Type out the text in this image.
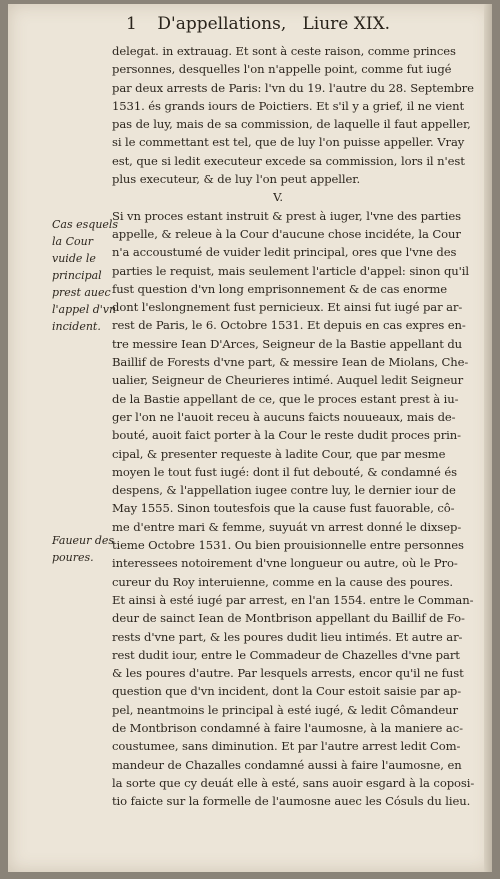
1 D'appellations, Liure XIX.
Cas esquels
la Cour
vuide le
principal
prest auec
l'appel d'vn
incident.
Faueur des
poures.
delegat. in extrauag. Et sont à ceste raison, comme princes
personnes, desquelles l'on n'appelle point, comme fut iugé
par deux arrests de Paris: l'vn du 19. l'autre du 28. Septembre
1531. és grands iours de Poictiers. Et s'il y a grief, il ne vient
pas de luy, mais de sa commission, de laquelle il faut appeller,
si le commettant est tel, que de luy l'on puisse appeller. Vray
est, que si ledit executeur excede sa commission, lors il n'est
plus executeur, & de luy l'on peut appeller.
V.
Si vn proces estant instruit & prest à iuger, l'vne des parties
appelle, & releue à la Cour d'aucune chose incidéte, la Cour
n'a accoustumé de vuider ledit principal, ores que l'vne des
parties le requist, mais seulement l'article d'appel: sinon qu'il
fust question d'vn long emprisonnement & de cas enorme
dont l'eslongnement fust pernicieux. Et ainsi fut iugé par ar-
rest de Paris, le 6. Octobre 1531. Et depuis en cas expres en-
tre messire Iean D'Arces, Seigneur de la Bastie appellant du
Baillif de Forests d'vne part, & messire Iean de Miolans, Che-
ualier, Seigneur de Cheurieres intimé. Auquel ledit Seigneur
de la Bastie appellant de ce, que le proces estant prest à iu-
ger l'on ne l'auoit receu à aucuns faicts nouueaux, mais de-
bouté, auoit faict porter à la Cour le reste dudit proces prin-
cipal, & presenter requeste à ladite Cour, que par mesme
moyen le tout fust iugé: dont il fut debouté, & condamné és
despens, & l'appellation iugee contre luy, le dernier iour de
May 1555. Sinon toutesfois que la cause fust fauorable, cô-
me d'entre mari & femme, suyuát vn arrest donné le dixsep-
tieme Octobre 1531. Ou bien prouisionnelle entre personnes
interessees notoirement d'vne longueur ou autre, où le Pro-
cureur du Roy interuienne, comme en la cause des poures.
Et ainsi à esté iugé par arrest, en l'an 1554. entre le Comman-
deur de sainct Iean de Montbrison appellant du Baillif de Fo-
rests d'vne part, & les poures dudit lieu intimés. Et autre ar-
rest dudit iour, entre le Commadeur de Chazelles d'vne part
& les poures d'autre. Par lesquels arrests, encor qu'il ne fust
question que d'vn incident, dont la Cour estoit saisie par ap-
pel, neantmoins le principal à esté iugé, & ledit Cômandeur
de Montbrison condamné à faire l'aumosne, à la maniere ac-
coustumee, sans diminution. Et par l'autre arrest ledit Com-
mandeur de Chazalles condamné aussi à faire l'aumosne, en
la sorte que cy deuát elle à esté, sans auoir esgard à la coposi-
tio faicte sur la formelle de l'aumosne auec les Cósuls du lieu.
